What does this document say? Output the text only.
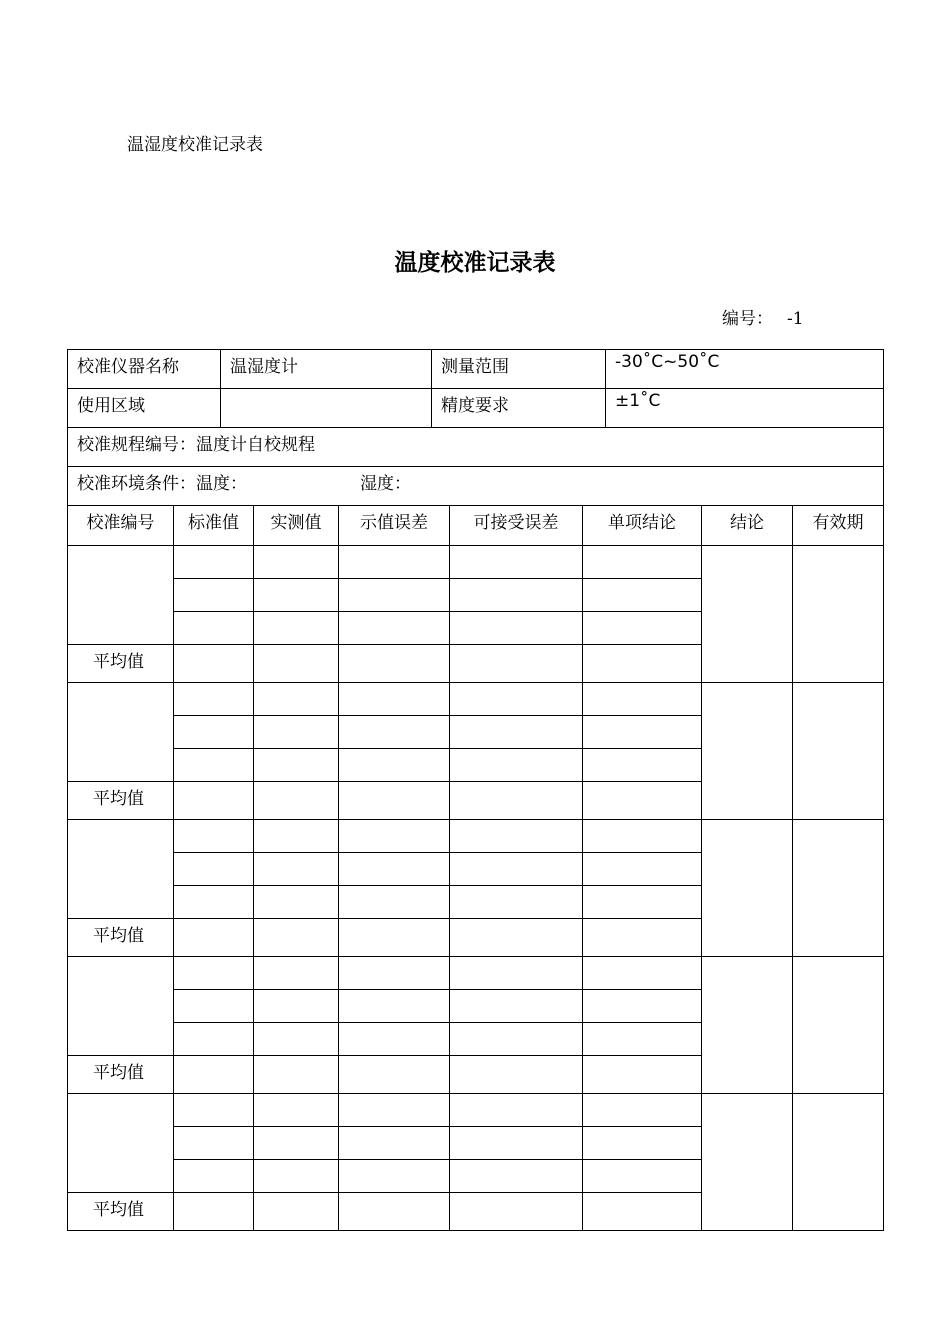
温湿度校准记录表
温度校准记录表
编号： -1
校准仪器名称	温湿度计	测量范围	-30˚C~50˚C
使用区域		精度要求	±1˚C
校准规程编号：温度计自校规程			
校准环境条件：温度： 湿度：			
校准编号	标准值	实测值	示值误差	可接受误差	单项结论	结论	有效期

平均值							

平均值							

平均值							

平均值							

平均值							
